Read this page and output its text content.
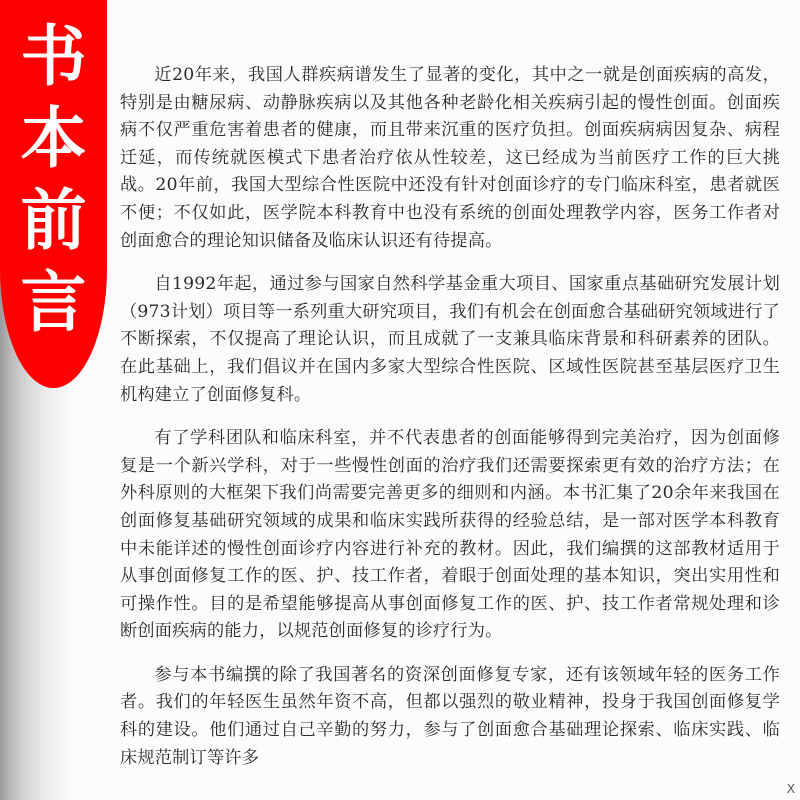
书
本
前
言

近20年来，我国人群疾病谱发生了显著的变化，其中之一就是创面疾病的高发，特别是由糖尿病、动静脉疾病以及其他各种老龄化相关疾病引起的慢性创面。创面疾病不仅严重危害着患者的健康，而且带来沉重的医疗负担。创面疾病病因复杂、病程迁延，而传统就医模式下患者治疗依从性较差，这已经成为当前医疗工作的巨大挑战。20年前，我国大型综合性医院中还没有针对创面诊疗的专门临床科室，患者就医不便；不仅如此，医学院本科教育中也没有系统的创面处理教学内容，医务工作者对创面愈合的理论知识储备及临床认识还有待提高。

自1992年起，通过参与国家自然科学基金重大项目、国家重点基础研究发展计划（973计划）项目等一系列重大研究项目，我们有机会在创面愈合基础研究领域进行了不断探索，不仅提高了理论认识，而且成就了一支兼具临床背景和科研素养的团队。在此基础上，我们倡议并在国内多家大型综合性医院、区域性医院甚至基层医疗卫生机构建立了创面修复科。

有了学科团队和临床科室，并不代表患者的创面能够得到完美治疗，因为创面修复是一个新兴学科，对于一些慢性创面的治疗我们还需要探索更有效的治疗方法；在外科原则的大框架下我们尚需要完善更多的细则和内涵。本书汇集了20余年来我国在创面修复基础研究领域的成果和临床实践所获得的经验总结，是一部对医学本科教育中未能详述的慢性创面诊疗内容进行补充的教材。因此，我们编撰的这部教材适用于从事创面修复工作的医、护、技工作者，着眼于创面处理的基本知识，突出实用性和可操作性。目的是希望能够提高从事创面修复工作的医、护、技工作者常规处理和诊断创面疾病的能力，以规范创面修复的诊疗行为。

参与本书编撰的除了我国著名的资深创面修复专家，还有该领域年轻的医务工作者。我们的年轻医生虽然年资不高，但都以强烈的敬业精神，投身于我国创面修复学科的建设。他们通过自己辛勤的努力，参与了创面愈合基础理论探索、临床实践、临床规范制订等许多

X
